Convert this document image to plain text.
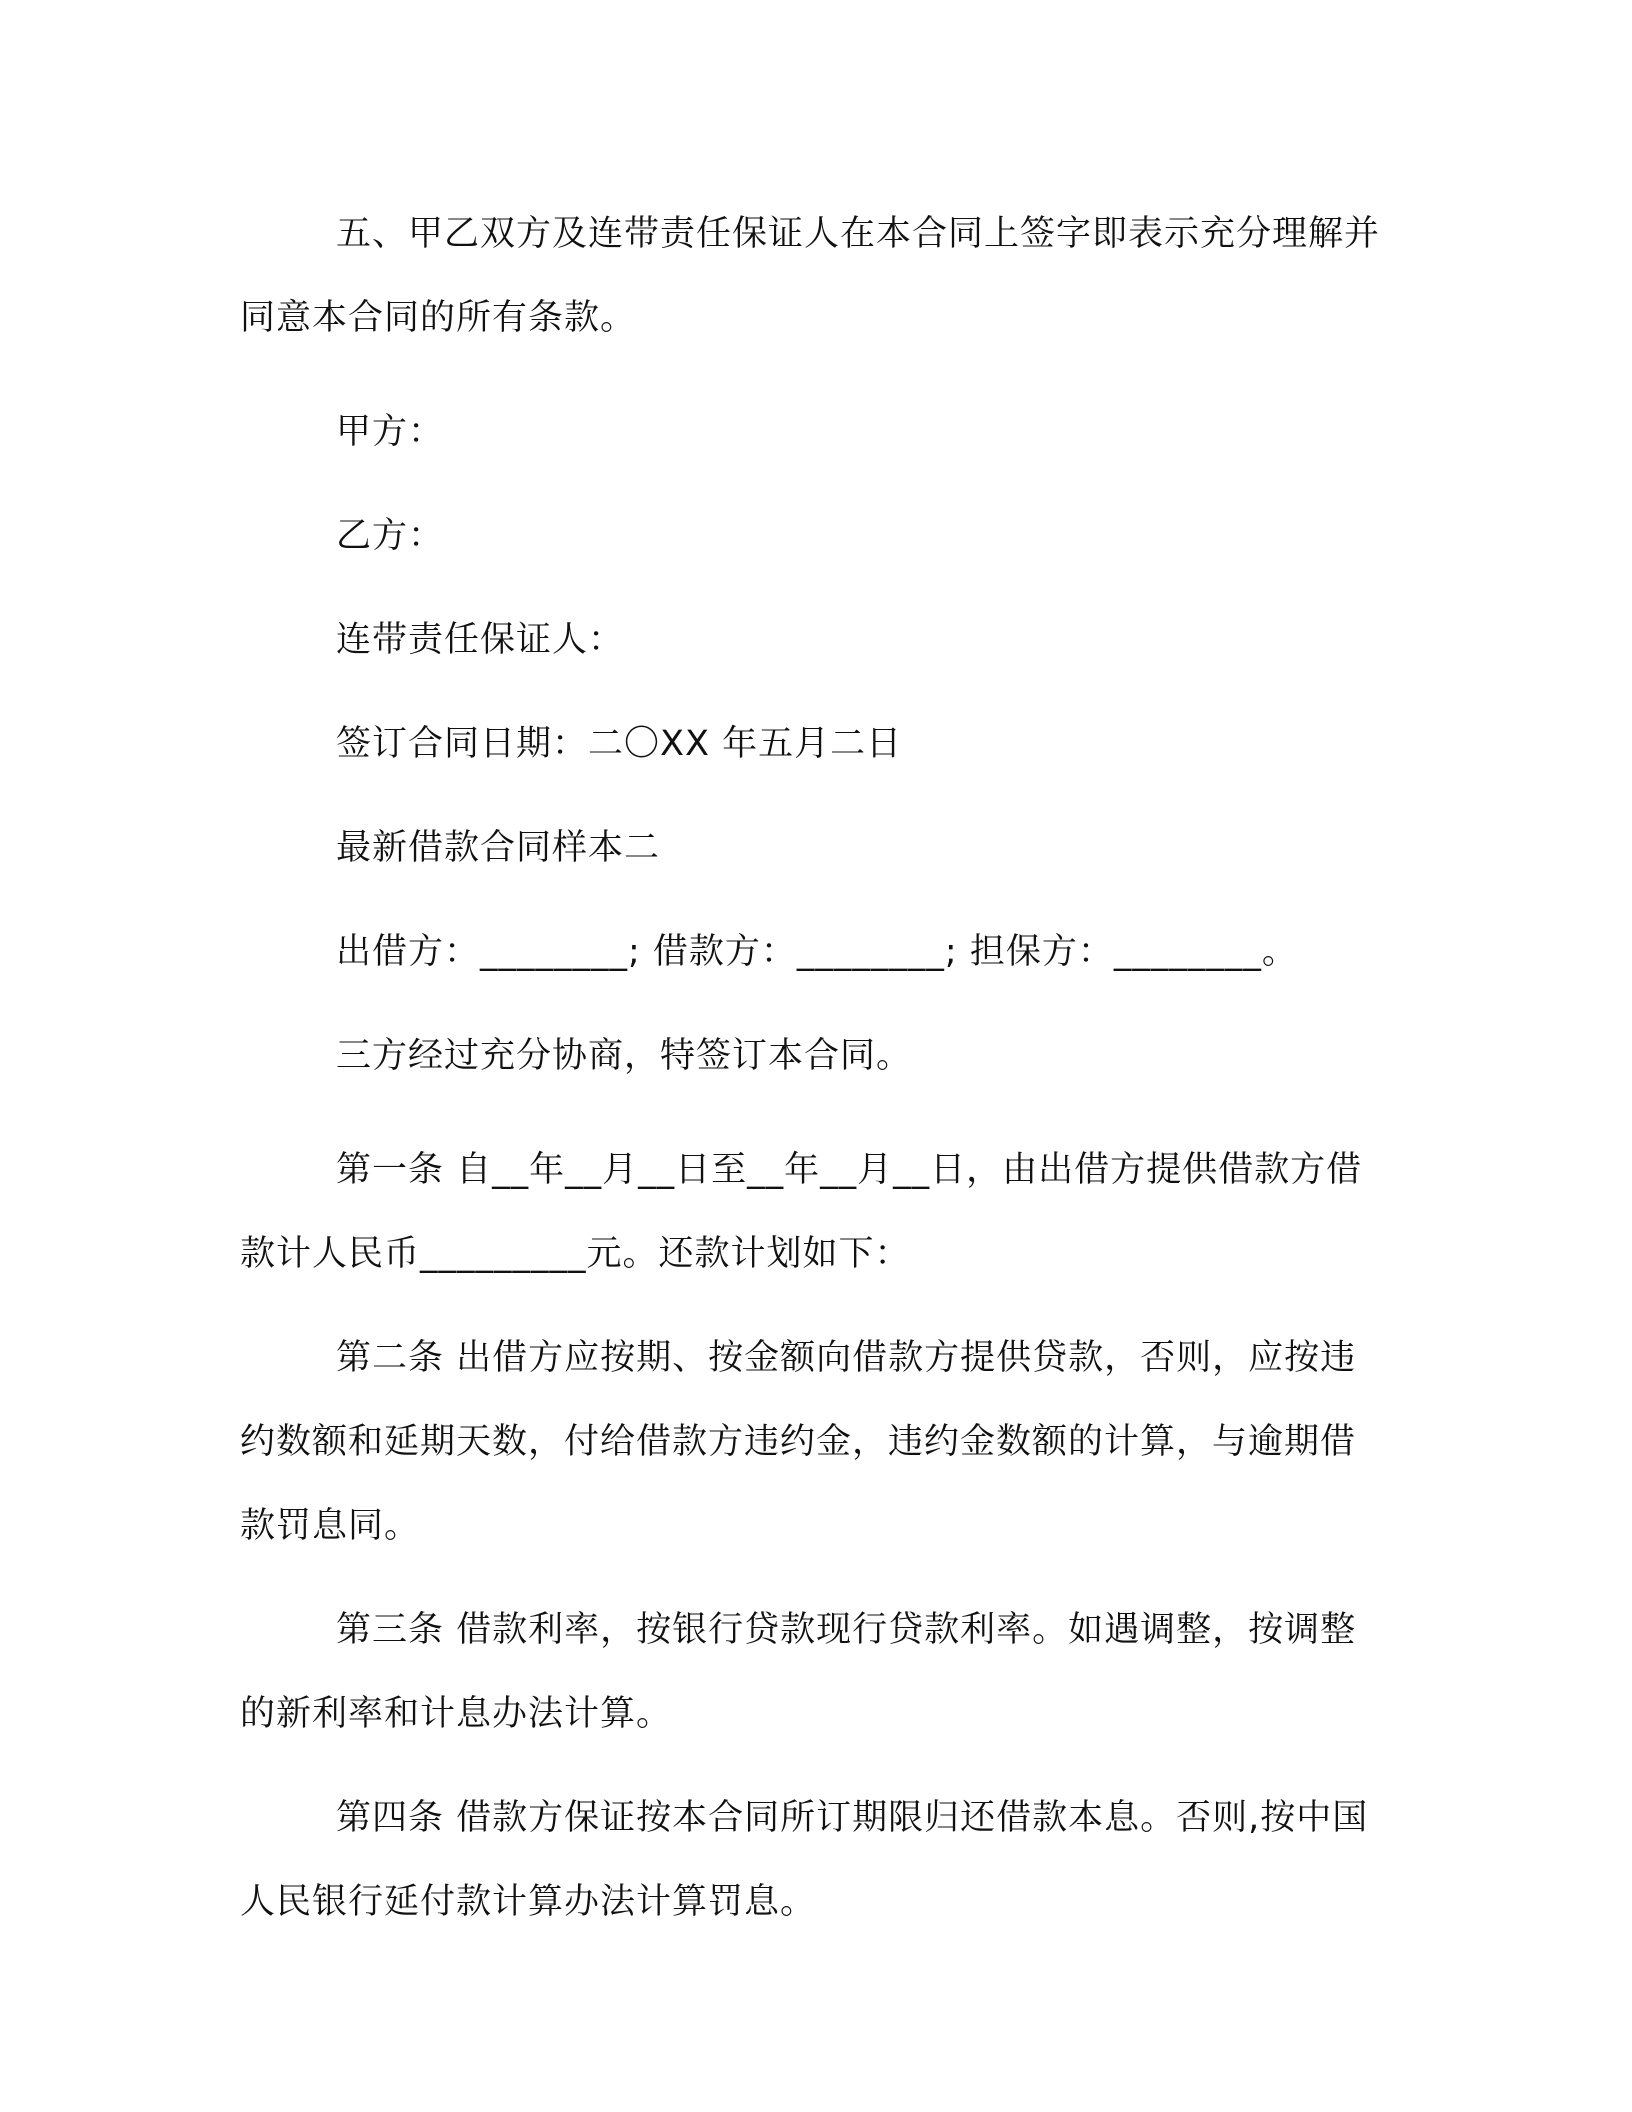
五、甲乙双方及连带责任保证人在本合同上签字即表示充分理解并同意本合同的所有条款。

甲方：

乙方：

连带责任保证人：

签订合同日期：二〇XX 年五月二日

最新借款合同样本二

出借方：________; 借款方：________; 担保方：________。

三方经过充分协商，特签订本合同。

第一条 自__年__月__日至__年__月__日，由出借方提供借款方借款计人民币_________元。还款计划如下：

第二条 出借方应按期、按金额向借款方提供贷款，否则，应按违约数额和延期天数，付给借款方违约金，违约金数额的计算，与逾期借款罚息同。

第三条 借款利率，按银行贷款现行贷款利率。如遇调整，按调整的新利率和计息办法计算。

第四条 借款方保证按本合同所订期限归还借款本息。否则,按中国人民银行延付款计算办法计算罚息。
